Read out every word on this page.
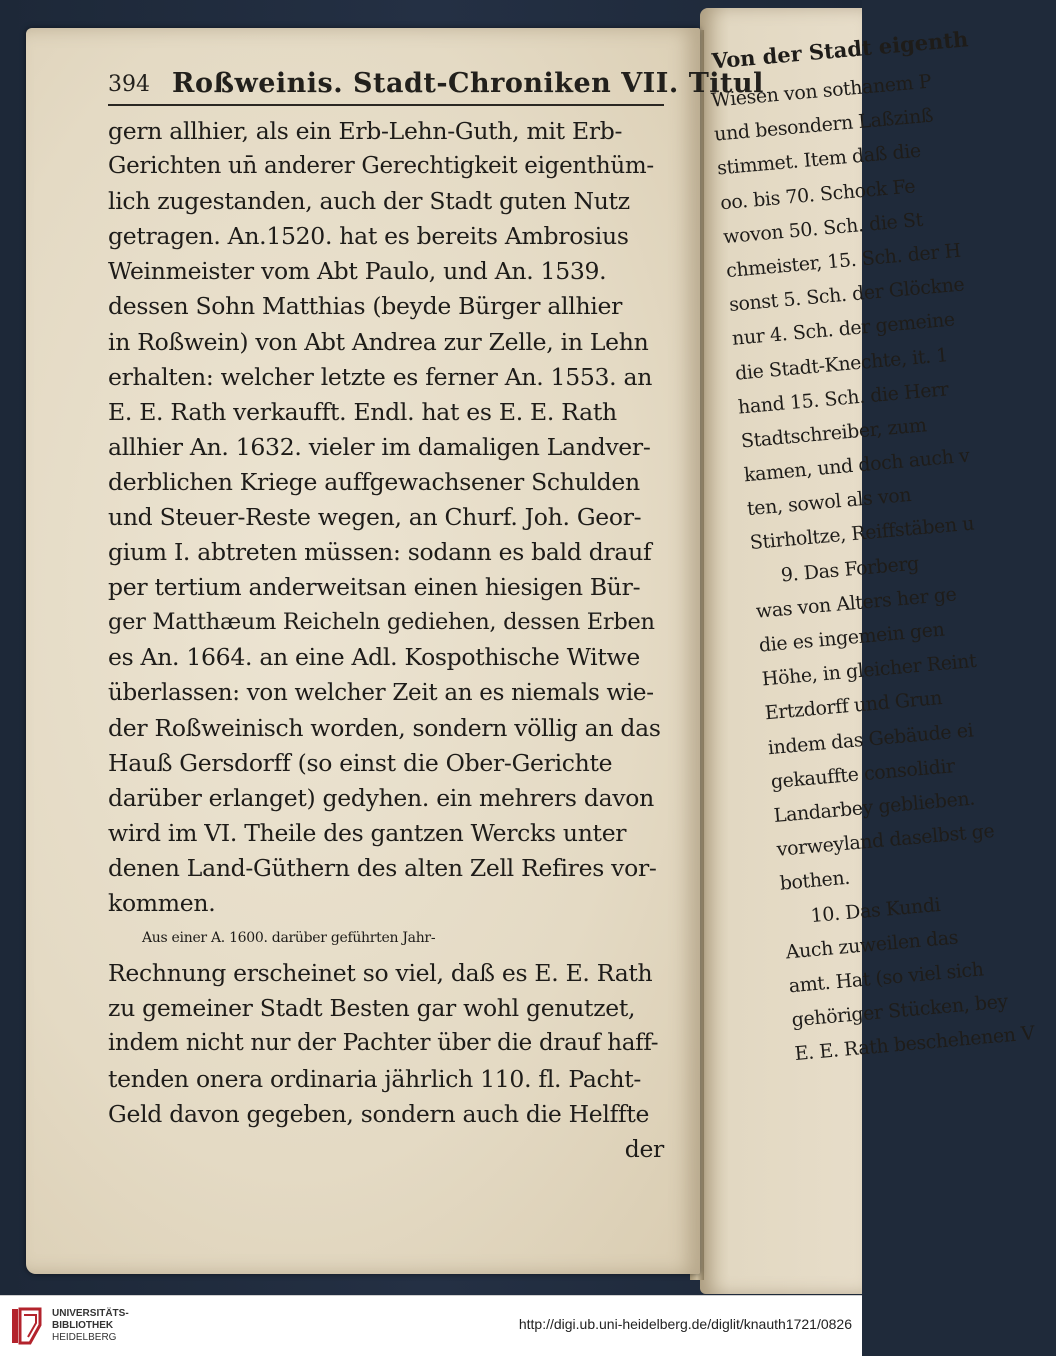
Von der Stadt eigenth
Wiesen von sothanem P
und besondern Laßzinß
stimmet. Item daß die
oo. bis 70. Schock Fe
wovon 50. Sch. die St
chmeister, 15. Sch. der H
sonst 5. Sch. der Glöckne
nur 4. Sch. der gemeine
die Stadt-Knechte, it. 1
hand 15. Sch. die Herr
Stadtschreiber, zum
kamen, und doch auch v
ten, sowol als von
Stirholtze, Reiffstäben u
9. Das Forberg
was von Alters her ge
die es ingemein gen
Höhe, in gleicher Reint
Ertzdorff und Grun
indem das Gebäude ei
gekauffte consolidir
Landarbey geblieben.
vorweyland daselbst ge
bothen.
10. Das Kundi
Auch zuweilen das
amt. Hat (so viel sich
gehöriger Stücken, bey
E. E. Rath beschehenen V
394 Roßweinis. Stadt-Chroniken VII. Titul
gern allhier, als ein Erb-Lehn-Guth, mit Erb-
Gerichten un̄ anderer Gerechtigkeit eigenthüm-
lich zugestanden, auch der Stadt guten Nutz
getragen. An.1520. hat es bereits Ambrosius
Weinmeister vom Abt Paulo, und An. 1539.
dessen Sohn Matthias (beyde Bürger allhier
in Roßwein) von Abt Andrea zur Zelle, in Lehn
erhalten: welcher letzte es ferner An. 1553. an
E. E. Rath verkaufft. Endl. hat es E. E. Rath
allhier An. 1632. vieler im damaligen Landver-
derblichen Kriege auffgewachsener Schulden
und Steuer-Reste wegen, an Churf. Joh. Geor-
gium I. abtreten müssen: sodann es bald drauf
per tertium anderweitsan einen hiesigen Bür-
ger Matthæum Reicheln gediehen, dessen Erben
es An. 1664. an eine Adl. Kospothische Witwe
überlassen: von welcher Zeit an es niemals wie-
der Roßweinisch worden, sondern völlig an das
Hauß Gersdorff (so einst die Ober-Gerichte
darüber erlanget) gedyhen. ein mehrers davon
wird im VI. Theile des gantzen Wercks unter
denen Land-Güthern des alten Zell Refires vor-
kommen.
Aus einer A. 1600. darüber geführten Jahr-
Rechnung erscheinet so viel, daß es E. E. Rath
zu gemeiner Stadt Besten gar wohl genutzet,
indem nicht nur der Pachter über die drauf haff-
tenden onera ordinaria jährlich 110. fl. Pacht-
Geld davon gegeben, sondern auch die Helffte
der
UNIVERSITÄTS-
BIBLIOTHEK
HEIDELBERG
http://digi.ub.uni-heidelberg.de/diglit/knauth1721/0826
